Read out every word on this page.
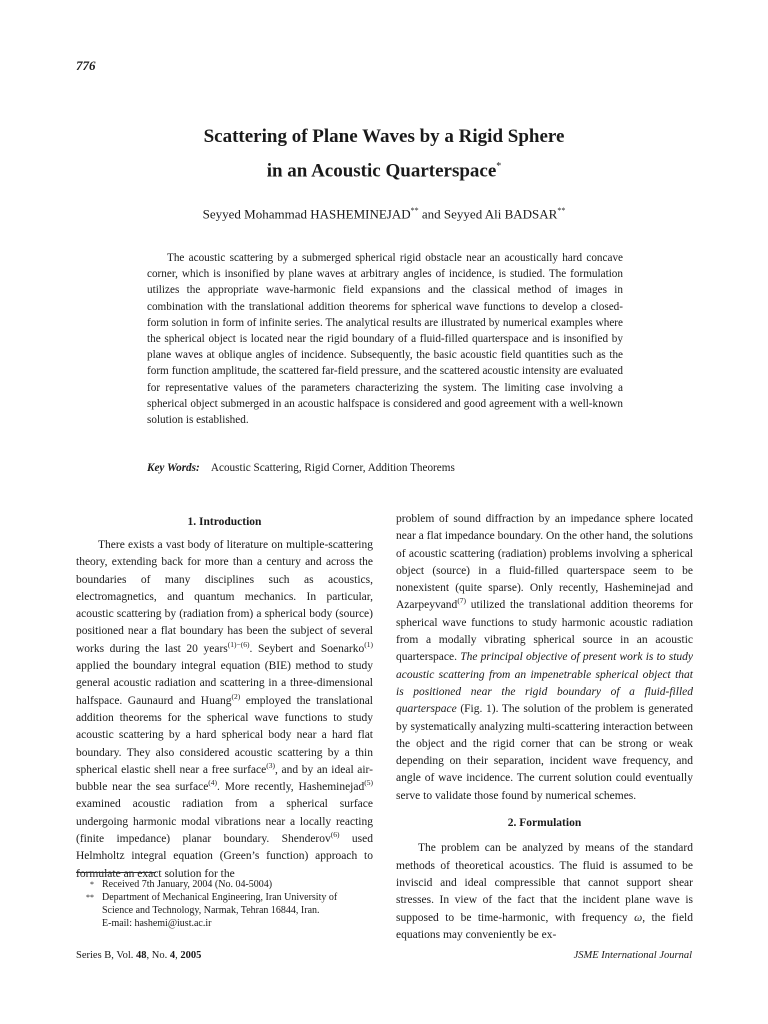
776
Scattering of Plane Waves by a Rigid Sphere
in an Acoustic Quarterspace*
Seyyed Mohammad HASHEMINEJAD** and Seyyed Ali BADSAR**
The acoustic scattering by a submerged spherical rigid obstacle near an acoustically hard concave corner, which is insonified by plane waves at arbitrary angles of incidence, is studied. The formulation utilizes the appropriate wave-harmonic field expansions and the classical method of images in combination with the translational addition theorems for spherical wave functions to develop a closed-form solution in form of infinite series. The analytical results are illustrated by numerical examples where the spherical object is located near the rigid boundary of a fluid-filled quarterspace and is insonified by plane waves at oblique angles of incidence. Subsequently, the basic acoustic field quantities such as the form function amplitude, the scattered far-field pressure, and the scattered acoustic intensity are evaluated for representative values of the parameters characterizing the system. The limiting case involving a spherical object submerged in an acoustic halfspace is considered and good agreement with a well-known solution is established.
Key Words: Acoustic Scattering, Rigid Corner, Addition Theorems
1. Introduction

There exists a vast body of literature on multiple-scattering theory, extending back for more than a century and across the boundaries of many disciplines such as acoustics, electromagnetics, and quantum mechanics. In particular, acoustic scattering by (radiation from) a spherical body (source) positioned near a flat boundary has been the subject of several works during the last 20 years$^{(1)-(6)}$. Seybert and Soenarko$^{(1)}$ applied the boundary integral equation (BIE) method to study general acoustic radiation and scattering in a three-dimensional halfspace. Gaunaurd and Huang$^{(2)}$ employed the translational addition theorems for the spherical wave functions to study acoustic scattering by a hard spherical body near a hard flat boundary. They also considered acoustic scattering by a thin spherical elastic shell near a free surface$^{(3)}$, and by an ideal air-bubble near the sea surface$^{(4)}$. More recently, Hasheminejad$^{(5)}$ examined acoustic radiation from a spherical surface undergoing harmonic modal vibrations near a locally reacting (finite impedance) planar boundary. Shenderov$^{(6)}$ used Helmholtz integral equation (Green’s function) approach to formulate an exact solution for the

problem of sound diffraction by an impedance sphere located near a flat impedance boundary. On the other hand, the solutions of acoustic scattering (radiation) problems involving a spherical object (source) in a fluid-filled quarterspace seem to be nonexistent (quite sparse). Only recently, Hasheminejad and Azarpeyvand$^{(7)}$ utilized the translational addition theorems for spherical wave functions to study harmonic acoustic radiation from a modally vibrating spherical source in an acoustic quarterspace. The principal objective of present work is to study acoustic scattering from an impenetrable spherical object that is positioned near the rigid boundary of a fluid-filled quarterspace (Fig. 1). The solution of the problem is generated by systematically analyzing multi-scattering interaction between the object and the rigid corner that can be strong or weak depending on their separation, incident wave frequency, and angle of wave incidence. The current solution could eventually serve to validate those found by numerical schemes.

2. Formulation

The problem can be analyzed by means of the standard methods of theoretical acoustics. The fluid is assumed to be inviscid and ideal compressible that cannot support shear stresses. In view of the fact that the incident plane wave is supposed to be time-harmonic, with frequency ω, the field equations may conveniently be ex-

* Received 7th January, 2004 (No. 04-5004)
** Department of Mechanical Engineering, Iran University of
Science and Technology, Narmak, Tehran 16844, Iran.
E-mail: hashemi@iust.ac.ir
Series B, Vol. 48, No. 4, 2005	JSME International Journal
